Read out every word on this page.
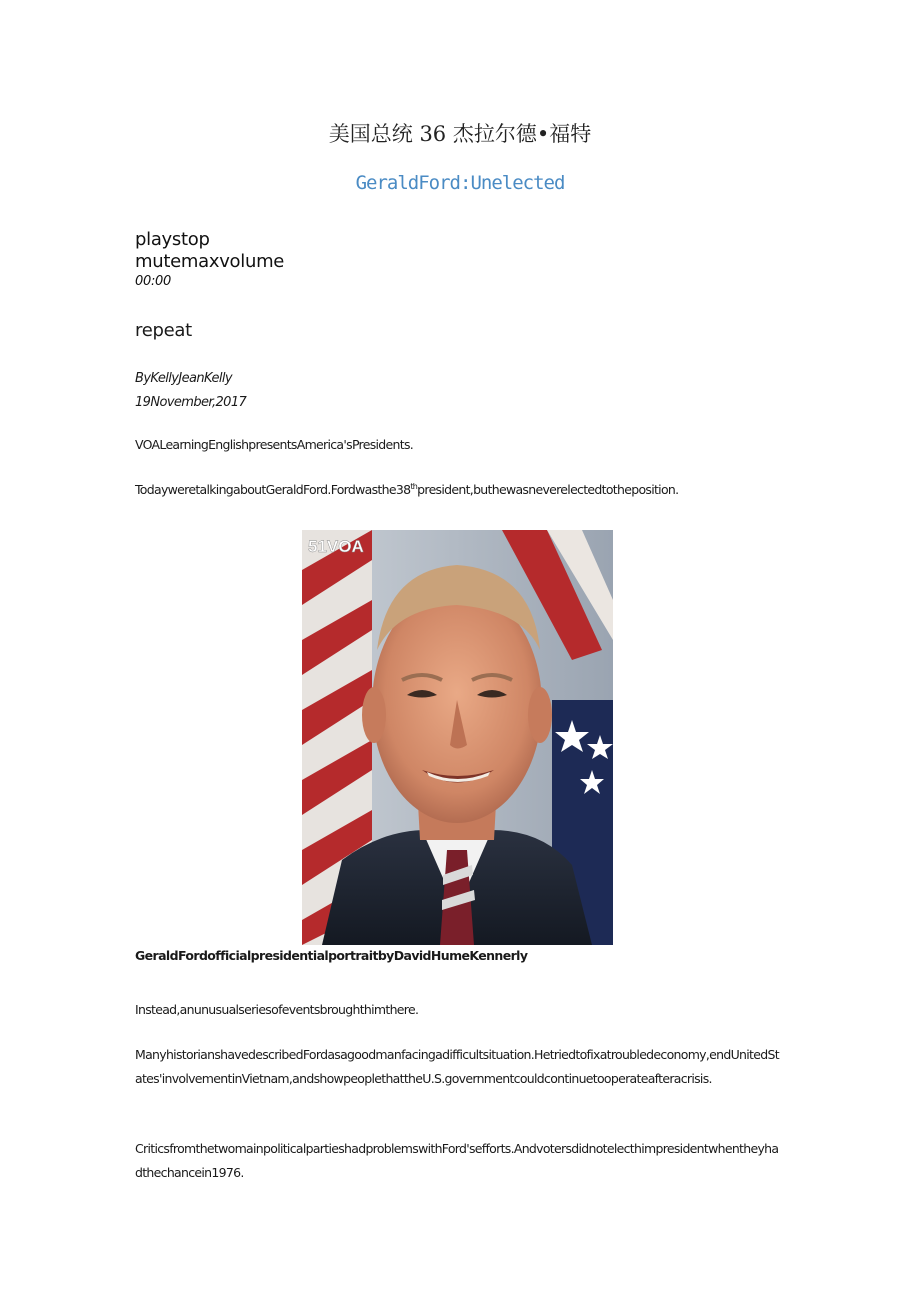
美国总统 36 杰拉尔德•福特
GeraldFord:Unelected
playstop
mutemaxvolume
00:00
repeat
ByKellyJeanKelly
19November,2017
VOALearningEnglishpresentsAmerica'sPresidents.
TodayweretalkingaboutGeraldFord.Fordwasthe38thpresident,buthewasneverelectedtotheposition.
51VOA
GeraldFordofficialpresidentialportraitbyDavidHumeKennerly
Instead,anunusualseriesofeventsbroughthimthere.
ManyhistorianshavedescribedFordasagoodmanfacingadifficultsituation.Hetriedtofixatroubledeconomy,endUnitedStates'involvementinVietnam,andshowpeoplethattheU.S.governmentcouldcontinuetooperateafteracrisis.
CriticsfromthetwomainpoliticalpartieshadproblemswithFord'sefforts.Andvotersdidnotelecthimpresidentwhentheyhadthechancein1976.
